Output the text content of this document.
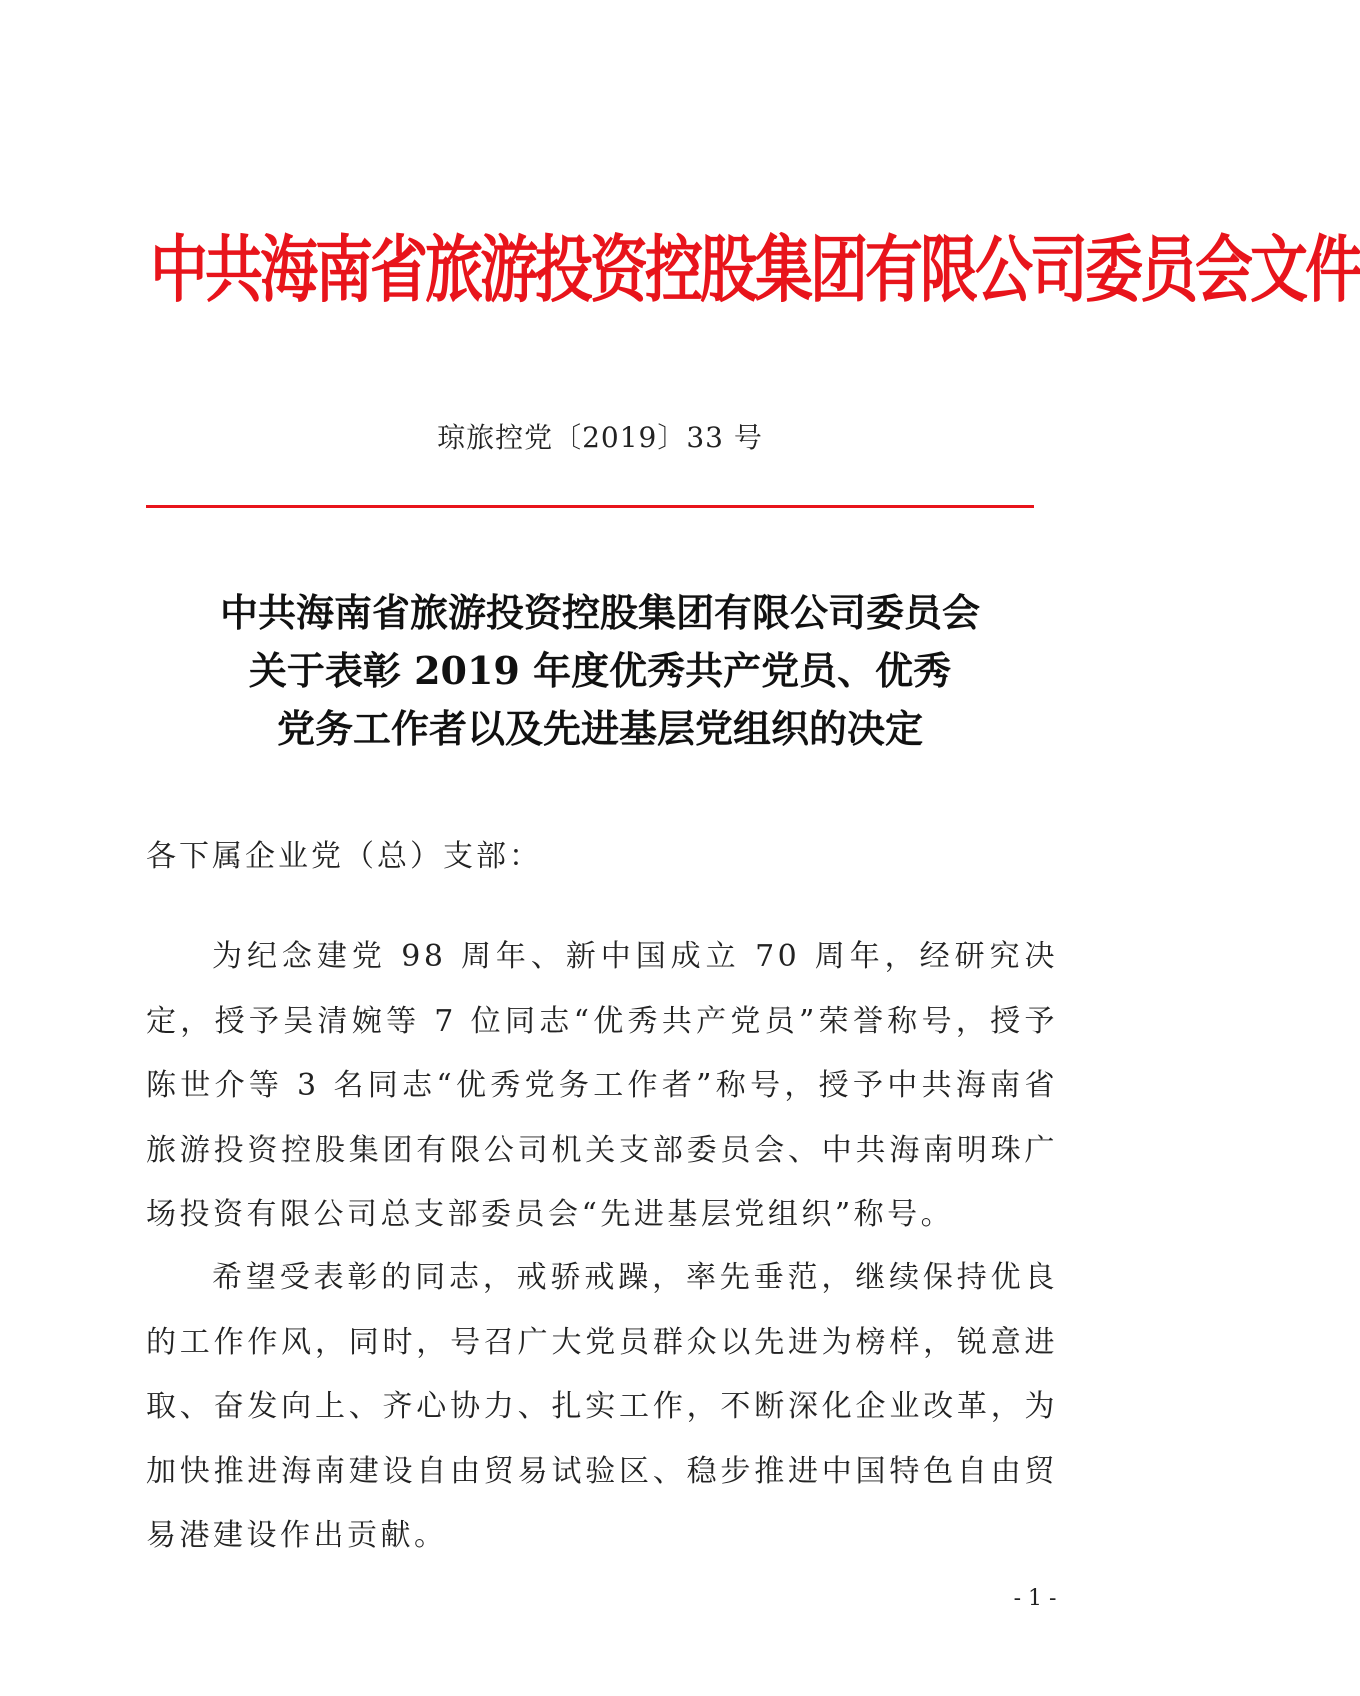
中共海南省旅游投资控股集团有限公司委员会文件
琼旅控党〔2019〕33 号
中共海南省旅游投资控股集团有限公司委员会
关于表彰 2019 年度优秀共产党员、优秀
党务工作者以及先进基层党组织的决定
各下属企业党（总）支部：

为纪念建党 98 周年、新中国成立 70 周年，经研究决定，授予吴清婉等 7 位同志“优秀共产党员”荣誉称号，授予陈世介等 3 名同志“优秀党务工作者”称号，授予中共海南省旅游投资控股集团有限公司机关支部委员会、中共海南明珠广场投资有限公司总支部委员会“先进基层党组织”称号。

希望受表彰的同志，戒骄戒躁，率先垂范，继续保持优良的工作作风，同时，号召广大党员群众以先进为榜样，锐意进取、奋发向上、齐心协力、扎实工作，不断深化企业改革，为加快推进海南建设自由贸易试验区、稳步推进中国特色自由贸易港建设作出贡献。

- 1 -
